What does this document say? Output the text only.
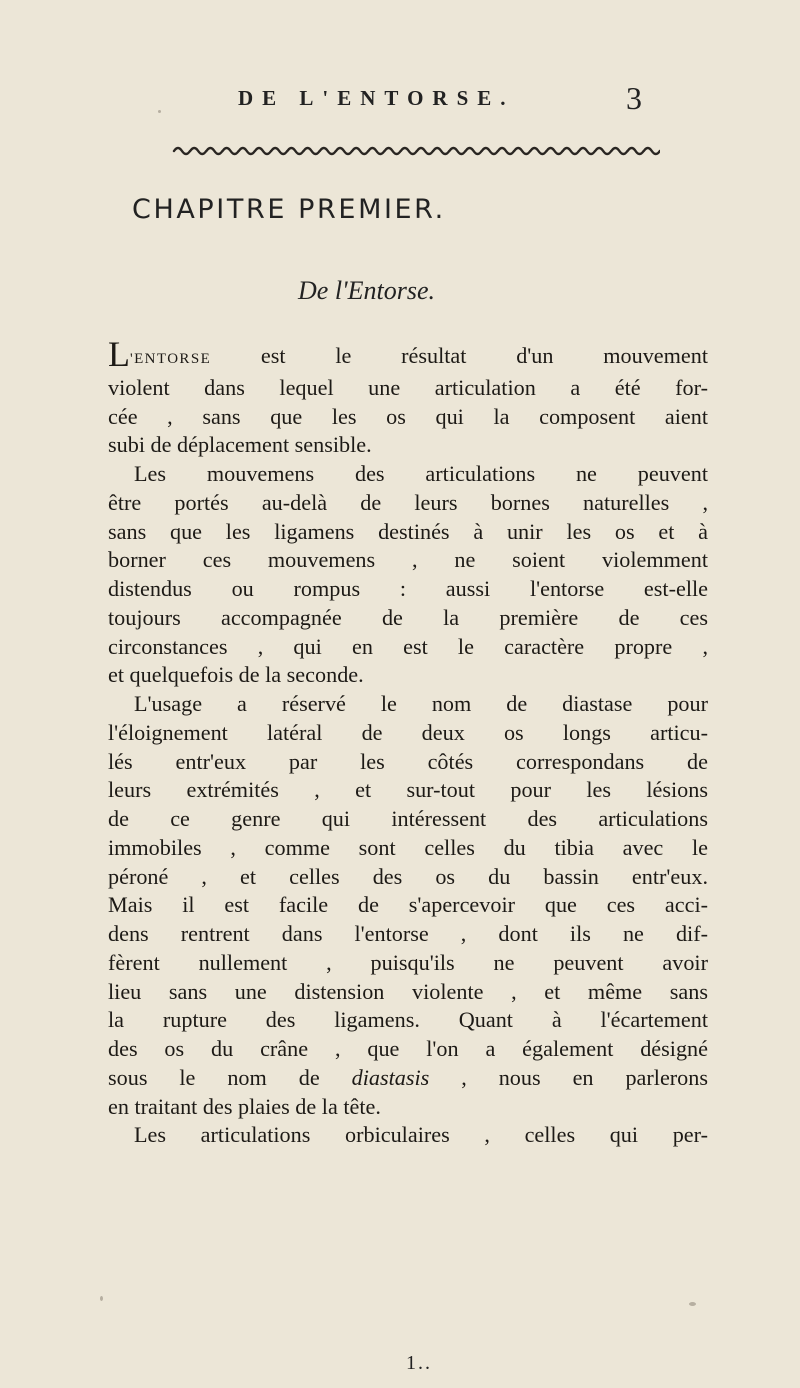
DE L'ENTORSE.	3
CHAPITRE PREMIER.
De l'Entorse.
L'ENTORSE est le résultat d'un mouvement
violent dans lequel une articulation a été for-
cée , sans que les os qui la composent aient
subi de déplacement sensible.
Les mouvemens des articulations ne peuvent
être portés au-delà de leurs bornes naturelles ,
sans que les ligamens destinés à unir les os et à
borner ces mouvemens , ne soient violemment
distendus ou rompus : aussi l'entorse est-elle
toujours accompagnée de la première de ces
circonstances , qui en est le caractère propre ,
et quelquefois de la seconde.
L'usage a réservé le nom de diastase pour
l'éloignement latéral de deux os longs articu-
lés entr'eux par les côtés correspondans de
leurs extrémités , et sur-tout pour les lésions
de ce genre qui intéressent des articulations
immobiles , comme sont celles du tibia avec le
péroné , et celles des os du bassin entr'eux.
Mais il est facile de s'apercevoir que ces acci-
dens rentrent dans l'entorse , dont ils ne dif-
fèrent nullement , puisqu'ils ne peuvent avoir
lieu sans une distension violente , et même sans
la rupture des ligamens. Quant à l'écartement
des os du crâne , que l'on a également désigné
sous le nom de diastasis , nous en parlerons
en traitant des plaies de la tête.
Les articulations orbiculaires , celles qui per-
1..
